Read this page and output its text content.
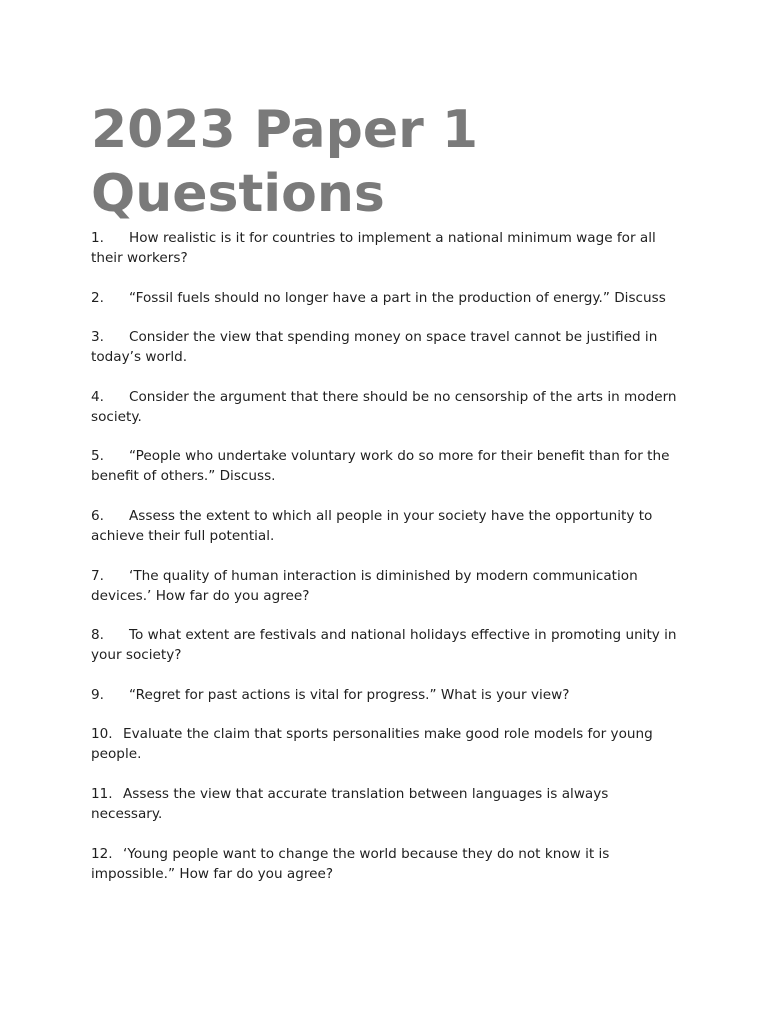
2023 Paper 1
Questions
1. How realistic is it for countries to implement a national minimum wage for all their workers?
2. “Fossil fuels should no longer have a part in the production of energy.” Discuss
3. Consider the view that spending money on space travel cannot be justified in today’s world.
4. Consider the argument that there should be no censorship of the arts in modern society.
5. “People who undertake voluntary work do so more for their benefit than for the benefit of others.” Discuss.
6. Assess the extent to which all people in your society have the opportunity to achieve their full potential.
7. ‘The quality of human interaction is diminished by modern communication devices.’ How far do you agree?
8. To what extent are festivals and national holidays effective in promoting unity in your society?
9. “Regret for past actions is vital for progress.” What is your view?
10. Evaluate the claim that sports personalities make good role models for young people.
11. Assess the view that accurate translation between languages is always necessary.
12. ‘Young people want to change the world because they do not know it is impossible.” How far do you agree?
